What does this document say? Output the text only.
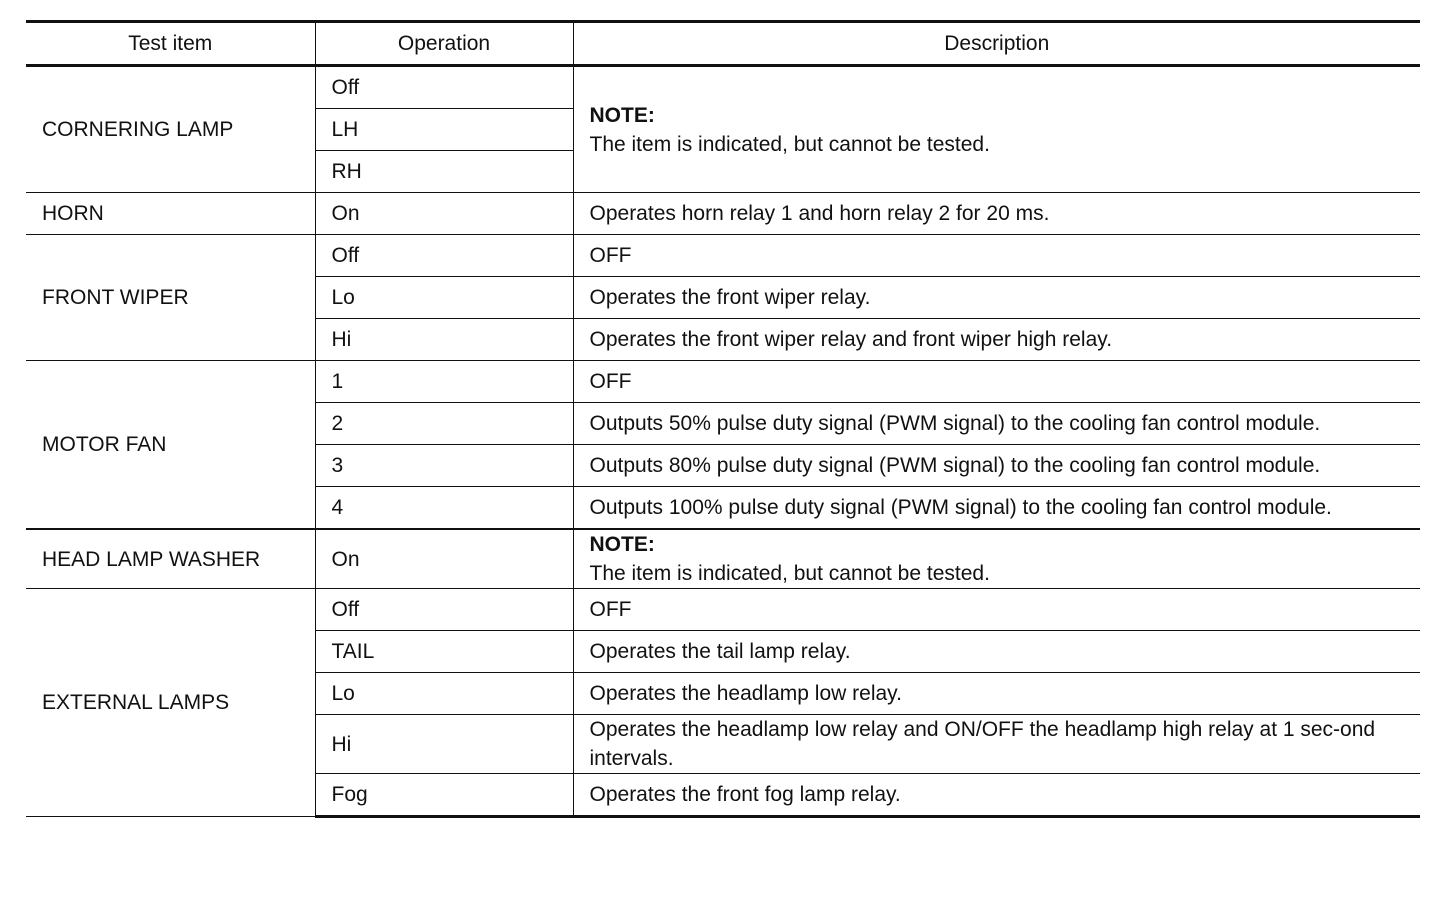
Test item	Operation	Description
CORNERING LAMP	Off	NOTE:
The item is indicated, but cannot be tested.

	LH	
	RH	
HORN	On	Operates horn relay 1 and horn relay 2 for 20 ms.
FRONT WIPER	Off	OFF
	Lo	Operates the front wiper relay.
	Hi	Operates the front wiper relay and front wiper high relay.
MOTOR FAN	1	OFF
	2	Outputs 50% pulse duty signal (PWM signal) to the cooling fan control module.
	3	Outputs 80% pulse duty signal (PWM signal) to the cooling fan control module.
	4	Outputs 100% pulse duty signal (PWM signal) to the cooling fan control module.
HEAD LAMP WASHER	On	NOTE:
The item is indicated, but cannot be tested.

EXTERNAL LAMPS	Off	OFF
	TAIL	Operates the tail lamp relay.
	Lo	Operates the headlamp low relay.
	Hi	Operates the headlamp low relay and ON/OFF the headlamp high relay at 1 sec-ond intervals.
	Fog	Operates the front fog lamp relay.
